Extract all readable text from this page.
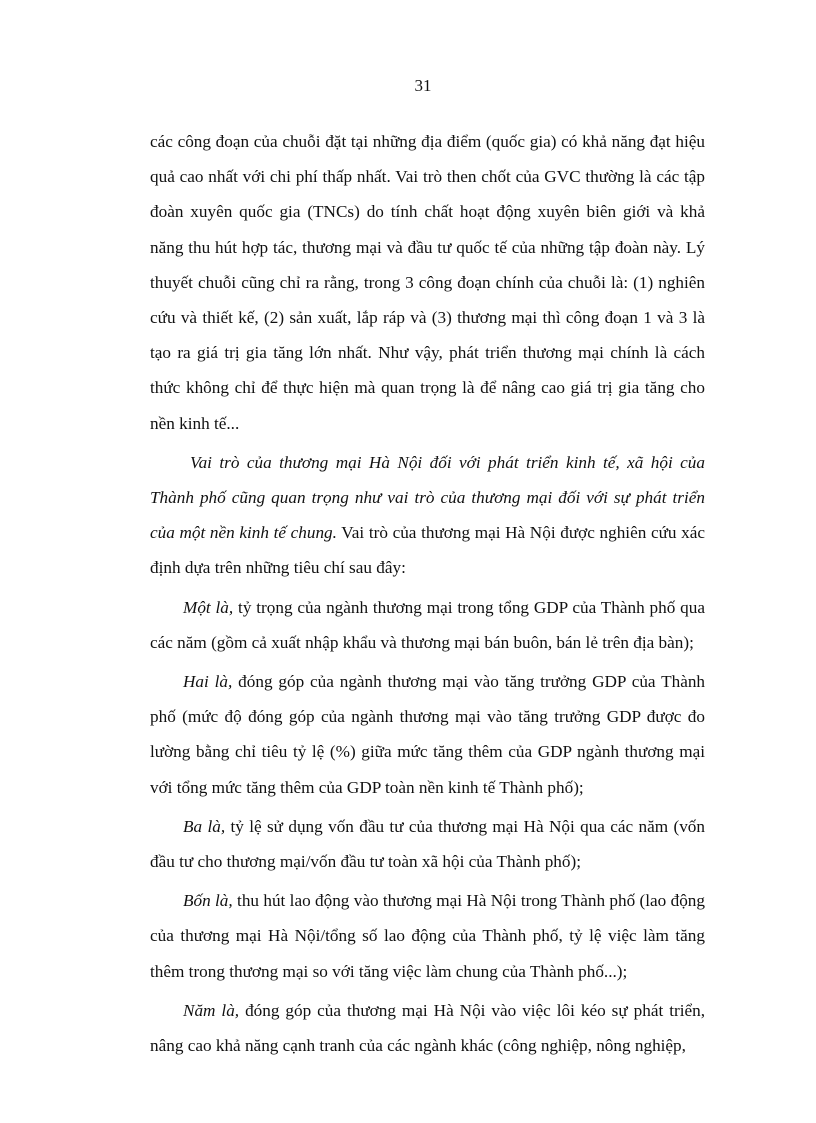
31

các công đoạn của chuỗi đặt tại những địa điểm (quốc gia) có khả năng đạt hiệu quả cao nhất với chi phí thấp nhất. Vai trò then chốt của GVC thường là các tập đoàn xuyên quốc gia (TNCs) do tính chất hoạt động xuyên biên giới và khả năng thu hút hợp tác, thương mại và đầu tư quốc tế của những tập đoàn này. Lý thuyết chuỗi cũng chỉ ra rằng, trong 3 công đoạn chính của chuỗi là: (1) nghiên cứu và thiết kế, (2) sản xuất, lắp ráp và (3) thương mại thì công đoạn 1 và 3 là tạo ra giá trị gia tăng lớn nhất. Như vậy, phát triển thương mại chính là cách thức không chỉ để thực hiện mà quan trọng là để nâng cao giá trị gia tăng cho nền kinh tế...

Vai trò của thương mại Hà Nội đối với phát triển kinh tế, xã hội của Thành phố cũng quan trọng như vai trò của thương mại đối với sự phát triển của một nền kinh tế chung. Vai trò của thương mại Hà Nội được nghiên cứu xác định dựa trên những tiêu chí sau đây:

Một là, tỷ trọng của ngành thương mại trong tổng GDP của Thành phố qua các năm (gồm cả xuất nhập khẩu và thương mại bán buôn, bán lẻ trên địa bàn);

Hai là, đóng góp của ngành thương mại vào tăng trưởng GDP của Thành phố (mức độ đóng góp của ngành thương mại vào tăng trưởng GDP được đo lường bằng chỉ tiêu tỷ lệ (%) giữa mức tăng thêm của GDP ngành thương mại với tổng mức tăng thêm của GDP toàn nền kinh tế Thành phố);

Ba là, tỷ lệ sử dụng vốn đầu tư của thương mại Hà Nội qua các năm (vốn đầu tư cho thương mại/vốn đầu tư toàn xã hội của Thành phố);

Bốn là, thu hút lao động vào thương mại Hà Nội trong Thành phố (lao động của thương mại Hà Nội/tổng số lao động của Thành phố, tỷ lệ việc làm tăng thêm trong thương mại so với tăng việc làm chung của Thành phố...);

Năm là, đóng góp của thương mại Hà Nội vào việc lôi kéo sự phát triển, nâng cao khả năng cạnh tranh của các ngành khác (công nghiệp, nông nghiệp,
